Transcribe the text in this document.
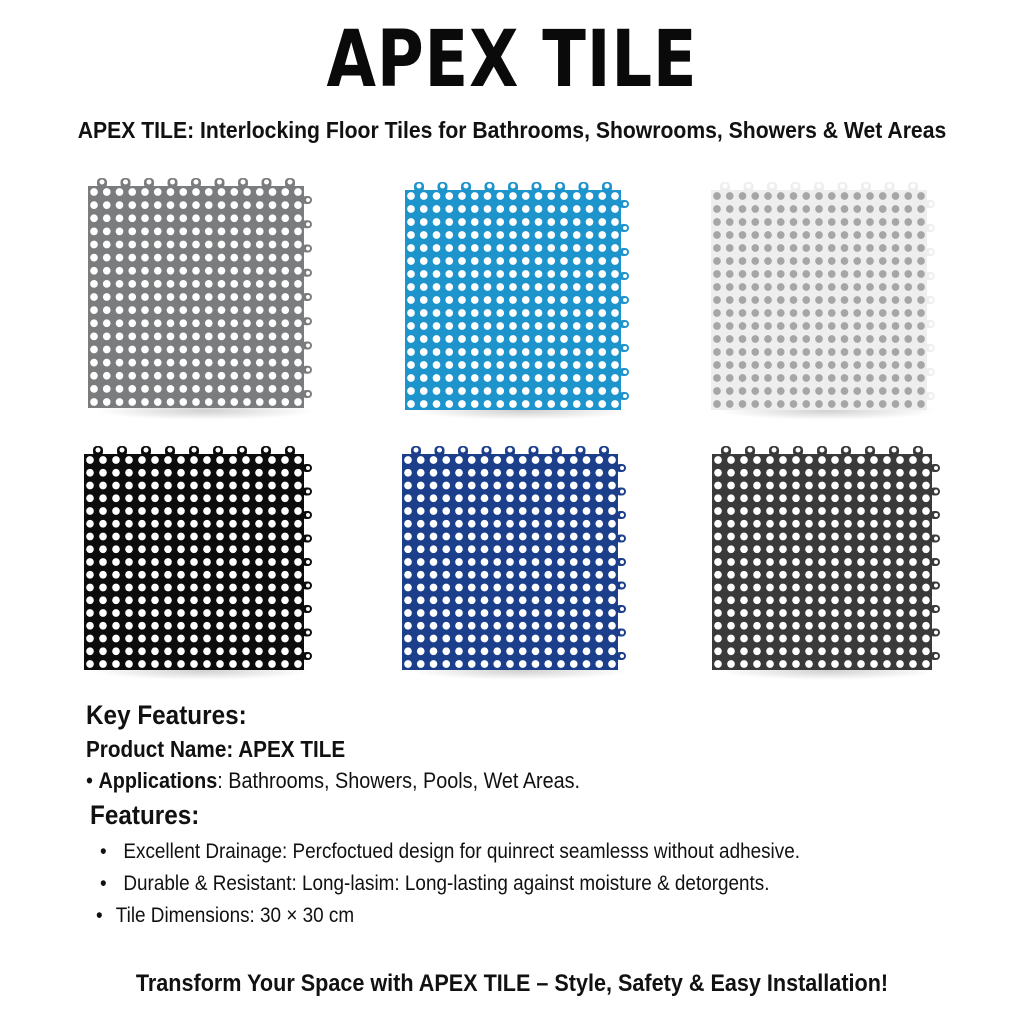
APEX TILE
APEX TILE: Interlocking Floor Tiles for Bathrooms, Showrooms, Showers & Wet Areas
Key Features:
Product Name: APEX TILE
• Applications: Bathrooms, Showers, Pools, Wet Areas.
Features:
• Excellent Drainage: Percfoctued design for quinrect seamlesss without adhesive.
• Durable & Resistant: Long-lasim: Long-lasting against moisture & detorgents.
• Tile Dimensions: 30 × 30 cm
Transform Your Space with APEX TILE – Style, Safety & Easy Installation!
